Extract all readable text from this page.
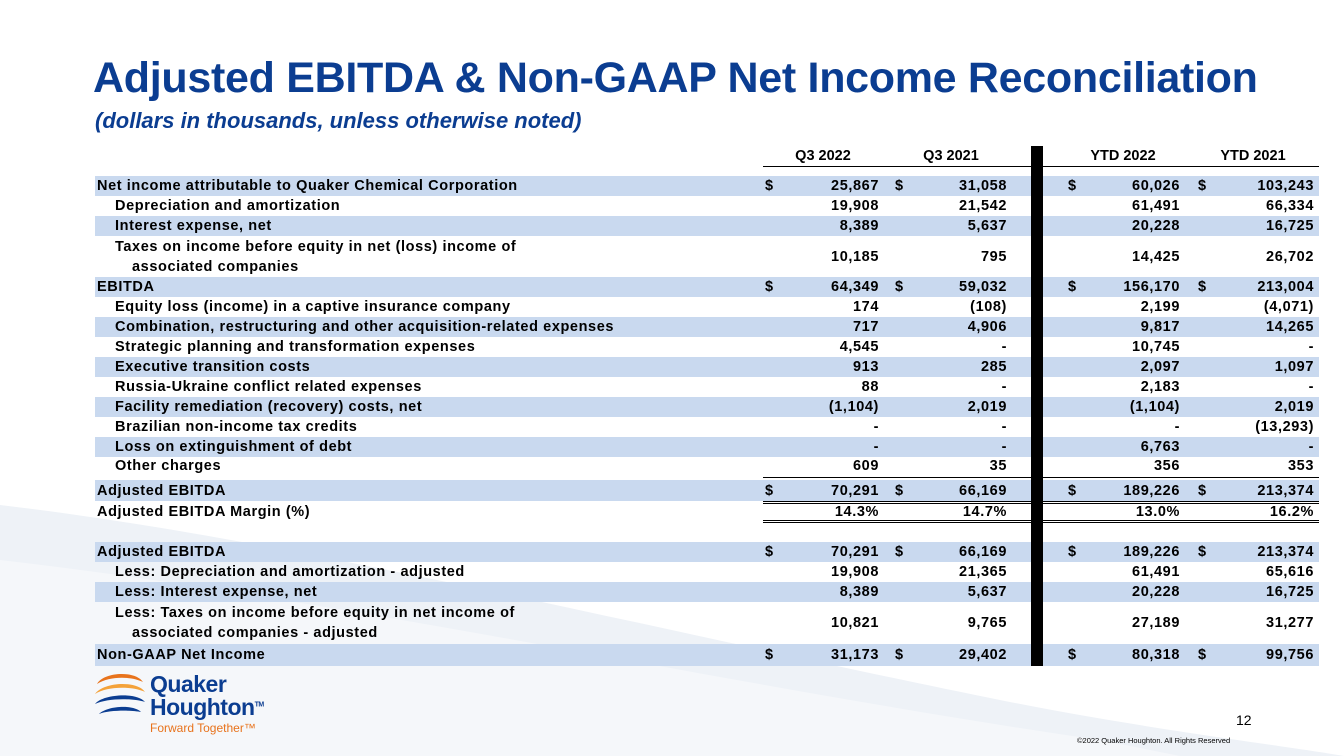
Adjusted EBITDA & Non-GAAP Net Income Reconciliation
(dollars in thousands, unless otherwise noted)
Q3 2022	Q3 2021	YTD 2022	YTD 2021
Net income attributable to Quaker Chemical Corporation	$	25,867 $	31,058	$	60,026 $	103,243
Depreciation and amortization	19,908	21,542	61,491	66,334
Interest expense, net	8,389	5,637	20,228	16,725
Taxes on income before equity in net (loss) income of
associated companies
10,185	795	14,425	26,702
EBITDA	$	64,349 $	59,032	$	156,170 $	213,004
Equity loss (income) in a captive insurance company	174	(108)	2,199	(4,071)
Combination, restructuring and other acquisition-related expenses	717	4,906	9,817	14,265
Strategic planning and transformation expenses	4,545	-	10,745	-
Executive transition costs	913	285	2,097	1,097
Russia-Ukraine conflict related expenses	88	-	2,183	-
Facility remediation (recovery) costs, net	(1,104)	2,019	(1,104)	2,019
Brazilian non-income tax credits	-	-	-	(13,293)
Loss on extinguishment of debt	-	-	6,763	-
Other charges	609	35	356	353
Adjusted EBITDA	$	70,291 $	66,169	$	189,226 $	213,374
Adjusted EBITDA Margin (%)	14.3%	14.7%	13.0%	16.2%
Adjusted EBITDA	$	70,291 $	66,169	$	189,226 $	213,374
Less: Depreciation and amortization - adjusted	19,908	21,365	61,491	65,616
Less: Interest expense, net	8,389	5,637	20,228	16,725
Less: Taxes on income before equity in net income of
associated companies - adjusted
10,821	9,765	27,189	31,277
Non-GAAP Net Income	$	31,173 $	29,402	$	80,318 $	99,756
Quaker
Houghton™
Forward Together™	12
©2022 Quaker Houghton. All Rights Reserved
